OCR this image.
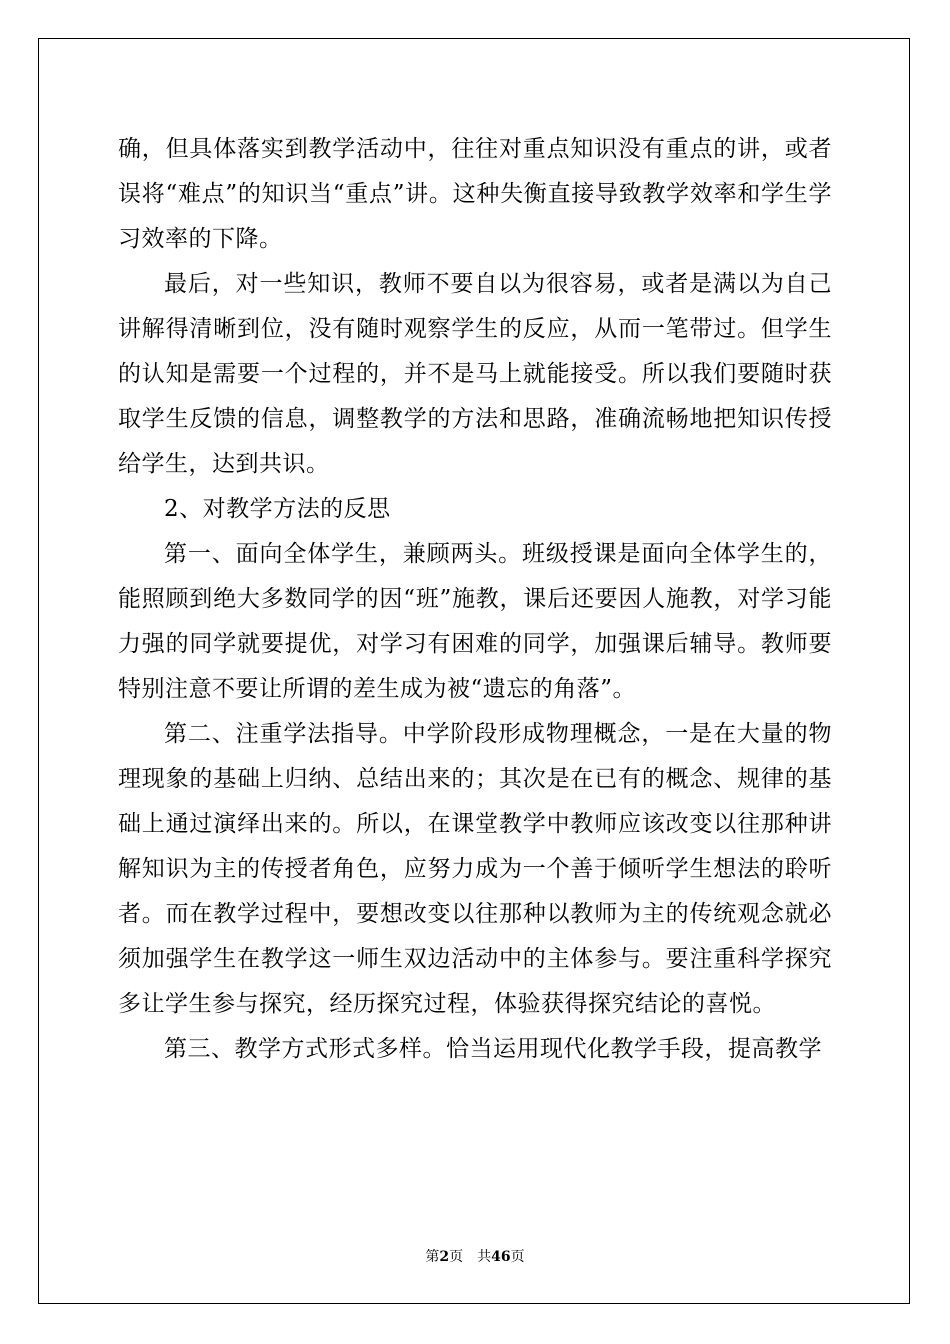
确，但具体落实到教学活动中，往往对重点知识没有重点的讲，或者误将“难点”的知识当“重点”讲。这种失衡直接导致教学效率和学生学习效率的下降。

最后，对一些知识，教师不要自以为很容易，或者是满以为自己讲解得清晰到位，没有随时观察学生的反应，从而一笔带过。但学生的认知是需要一个过程的，并不是马上就能接受。所以我们要随时获取学生反馈的信息，调整教学的方法和思路，准确流畅地把知识传授给学生，达到共识。

2、对教学方法的反思

第一、面向全体学生，兼顾两头。班级授课是面向全体学生的，能照顾到绝大多数同学的因“班”施教，课后还要因人施教，对学习能力强的同学就要提优，对学习有困难的同学，加强课后辅导。教师要特别注意不要让所谓的差生成为被“遗忘的角落”。

第二、注重学法指导。中学阶段形成物理概念，一是在大量的物理现象的基础上归纳、总结出来的；其次是在已有的概念、规律的基础上通过演绎出来的。所以，在课堂教学中教师应该改变以往那种讲解知识为主的传授者角色，应努力成为一个善于倾听学生想法的聆听者。而在教学过程中，要想改变以往那种以教师为主的传统观念就必须加强学生在教学这一师生双边活动中的主体参与。要注重科学探究多让学生参与探究，经历探究过程，体验获得探究结论的喜悦。

第三、教学方式形式多样。恰当运用现代化教学手段，提高教学

第2页 共46页
